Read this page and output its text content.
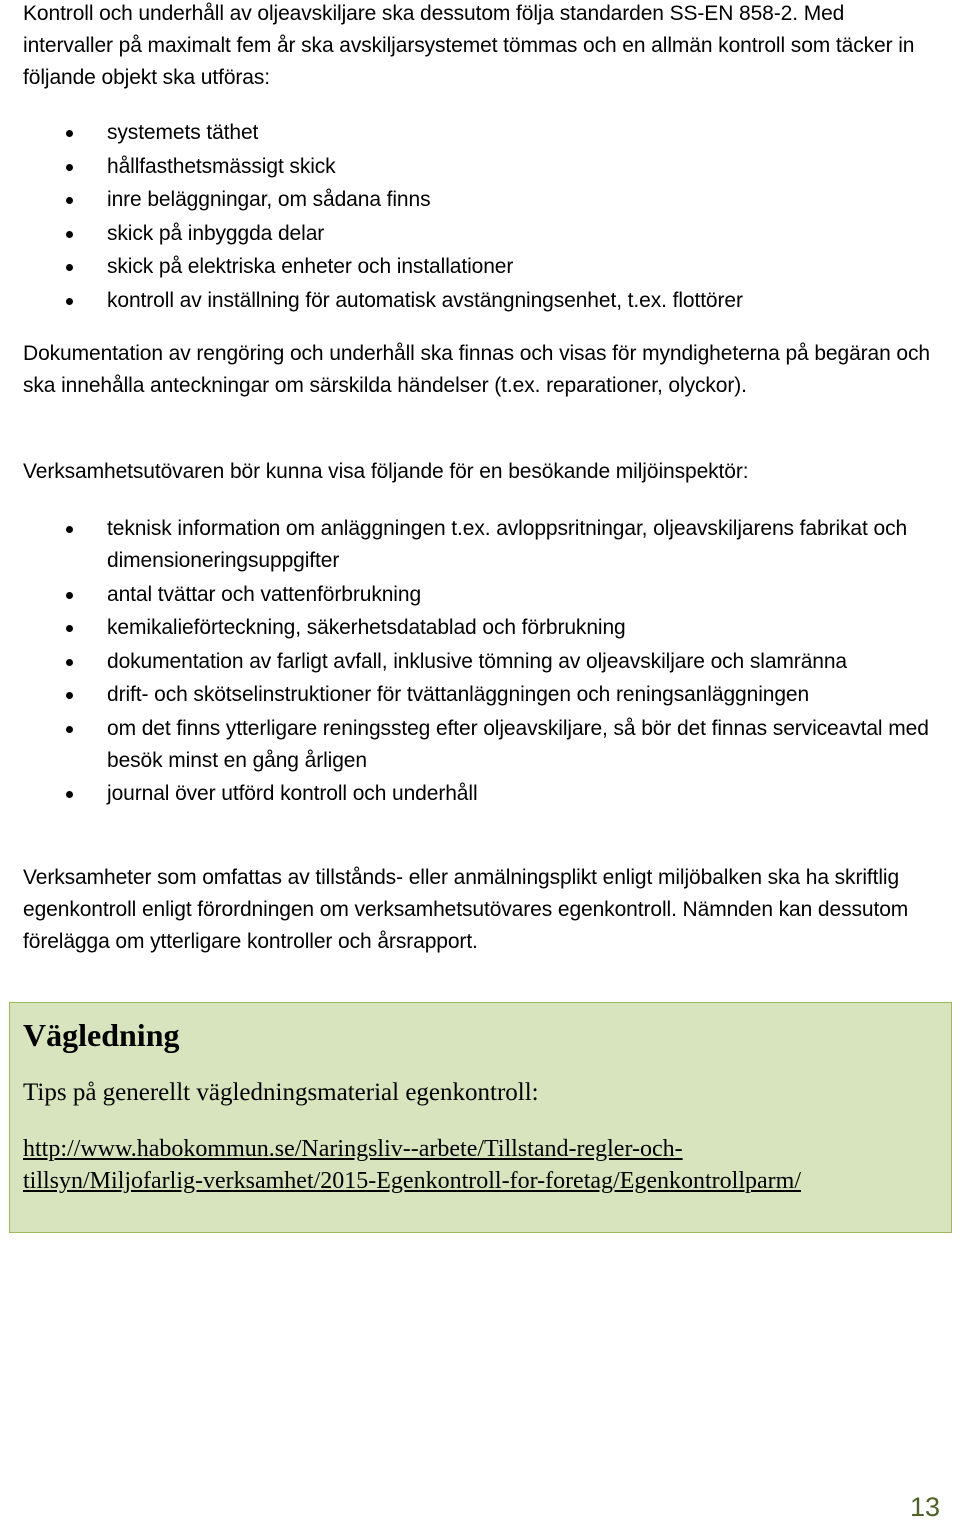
Kontroll och underhåll av oljeavskiljare ska dessutom följa standarden SS-EN 858-2. Med intervaller på maximalt fem år ska avskiljarsystemet tömmas och en allmän kontroll som täcker in följande objekt ska utföras:

systemets täthet
hållfasthetsmässigt skick
inre beläggningar, om sådana finns
skick på inbyggda delar
skick på elektriska enheter och installationer
kontroll av inställning för automatisk avstängningsenhet, t.ex. flottörer

Dokumentation av rengöring och underhåll ska finnas och visas för myndigheterna på begäran och ska innehålla anteckningar om särskilda händelser (t.ex. reparationer, olyckor).

Verksamhetsutövaren bör kunna visa följande för en besökande miljöinspektör:

teknisk information om anläggningen t.ex. avloppsritningar, oljeavskiljarens fabrikat och dimensioneringsuppgifter
antal tvättar och vattenförbrukning
kemikalieförteckning, säkerhetsdatablad och förbrukning
dokumentation av farligt avfall, inklusive tömning av oljeavskiljare och slamränna
drift- och skötselinstruktioner för tvättanläggningen och reningsanläggningen
om det finns ytterligare reningssteg efter oljeavskiljare, så bör det finnas serviceavtal med besök minst en gång årligen
journal över utförd kontroll och underhåll

Verksamheter som omfattas av tillstånds- eller anmälningsplikt enligt miljöbalken ska ha skriftlig egenkontroll enligt förordningen om verksamhetsutövares egenkontroll. Nämnden kan dessutom förelägga om ytterligare kontroller och årsrapport.

Vägledning

Tips på generellt vägledningsmaterial egenkontroll:

http://www.habokommun.se/Naringsliv--arbete/Tillstand-regler-och-
tillsyn/Miljofarlig-verksamhet/2015-Egenkontroll-for-foretag/Egenkontrollparm/
13
